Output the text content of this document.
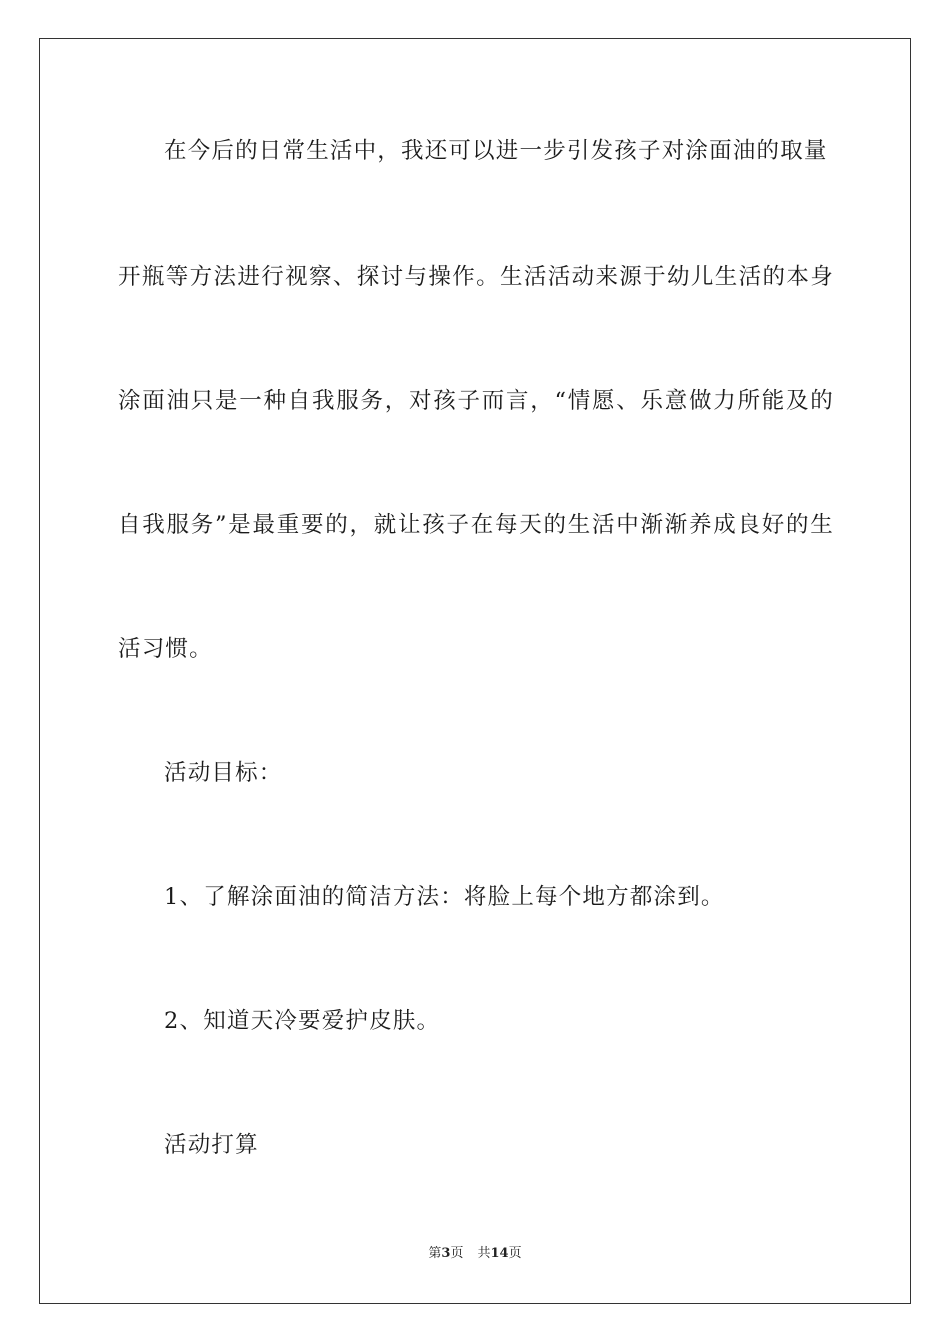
在今后的日常生活中，我还可以进一步引发孩子对涂面油的取量
开瓶等方法进行视察、探讨与操作。生活活动来源于幼儿生活的本身
涂面油只是一种自我服务，对孩子而言，“情愿、乐意做力所能及的
自我服务”是最重要的，就让孩子在每天的生活中渐渐养成良好的生
活习惯。
活动目标：
1、了解涂面油的简洁方法：将脸上每个地方都涂到。
2、知道天冷要爱护皮肤。
活动打算
第3页 共14页
